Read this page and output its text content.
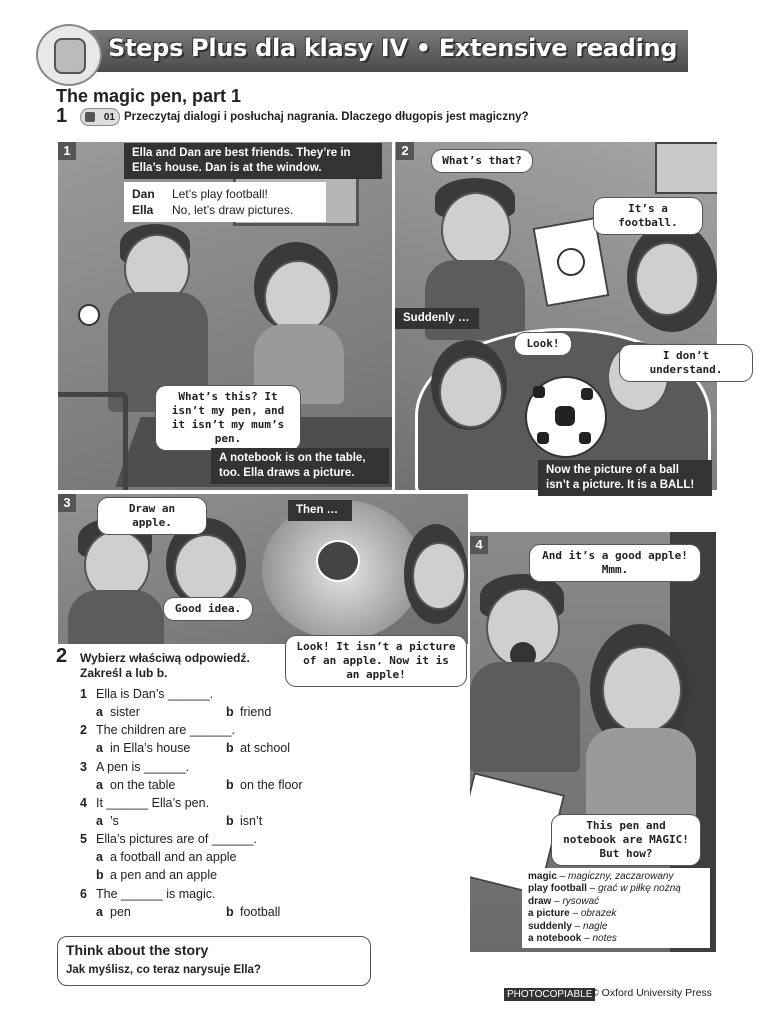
Steps Plus dla klasy IV • Extensive reading
The magic pen, part 1
1	01 Przeczytaj dialogi i posłuchaj nagrania. Dlaczego długopis jest magiczny?
1	Ella and Dan are best friends. They’re in Ella’s house. Dan is at the window.
Dan Let’s play football!
Ella No, let’s draw pictures.
What’s this? It isn’t my pen, and it isn’t my mum’s pen.
A notebook is on the table, too. Ella draws a picture.
2
What’s that?
It’s a football.
Suddenly …
Look!
I don’t understand.
Now the picture of a ball isn’t a picture. It is a BALL!
3	Draw an apple.
Then …
Good idea.
Look! It isn’t a picture of an apple. Now it is an apple!
4
And it’s a good apple! Mmm.
This pen and notebook are MAGIC! But how?
magic – magiczny, zaczarowany
play football – grać w piłkę nożną
draw – rysować
a picture – obrazek
suddenly – nagle
a notebook – notes
2 Wybierz właściwą odpowiedź.
Zakreśl a lub b.
1 Ella is Dan’s ______.
a sister	b friend
2 The children are ______.
a in Ella’s house	b at school
3 A pen is ______.
a on the table	b on the floor
4 It ______ Ella’s pen.
a ’s	b isn’t
5 Ella’s pictures are of ______.
a a football and an apple
b a pen and an apple
6 The ______ is magic.
a pen	b football
Think about the story
Jak myślisz, co teraz narysuje Ella?
PHOTOCOPIABLE
© Oxford University Press
